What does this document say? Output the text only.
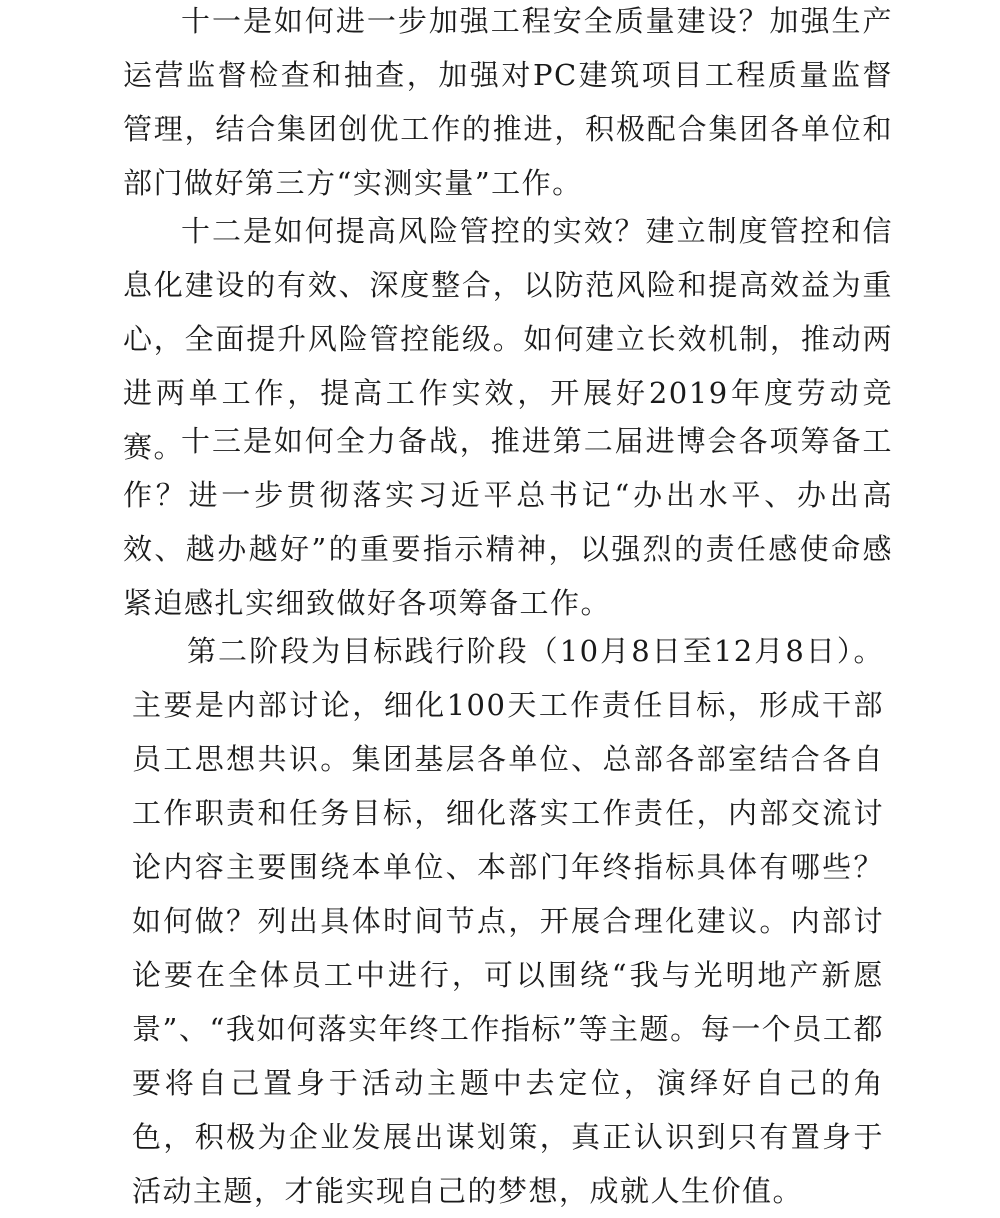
十一是如何进一步加强工程安全质量建设？加强生产运营监督检查和抽查，加强对PC建筑项目工程质量监督管理，结合集团创优工作的推进，积极配合集团各单位和部门做好第三方“实测实量”工作。

十二是如何提高风险管控的实效？建立制度管控和信息化建设的有效、深度整合，以防范风险和提高效益为重心，全面提升风险管控能级。如何建立长效机制，推动两进两单工作，提高工作实效，开展好2019年度劳动竞赛。

十三是如何全力备战，推进第二届进博会各项筹备工作？进一步贯彻落实习近平总书记“办出水平、办出高效、越办越好”的重要指示精神，以强烈的责任感使命感紧迫感扎实细致做好各项筹备工作。

第二阶段为目标践行阶段（10月8日至12月8日）。主要是内部讨论，细化100天工作责任目标，形成干部员工思想共识。集团基层各单位、总部各部室结合各自工作职责和任务目标，细化落实工作责任，内部交流讨论内容主要围绕本单位、本部门年终指标具体有哪些？如何做？列出具体时间节点，开展合理化建议。内部讨论要在全体员工中进行，可以围绕“我与光明地产新愿景”、“我如何落实年终工作指标”等主题。每一个员工都要将自己置身于活动主题中去定位，演绎好自己的角色，积极为企业发展出谋划策，真正认识到只有置身于活动主题，才能实现自己的梦想，成就人生价值。
